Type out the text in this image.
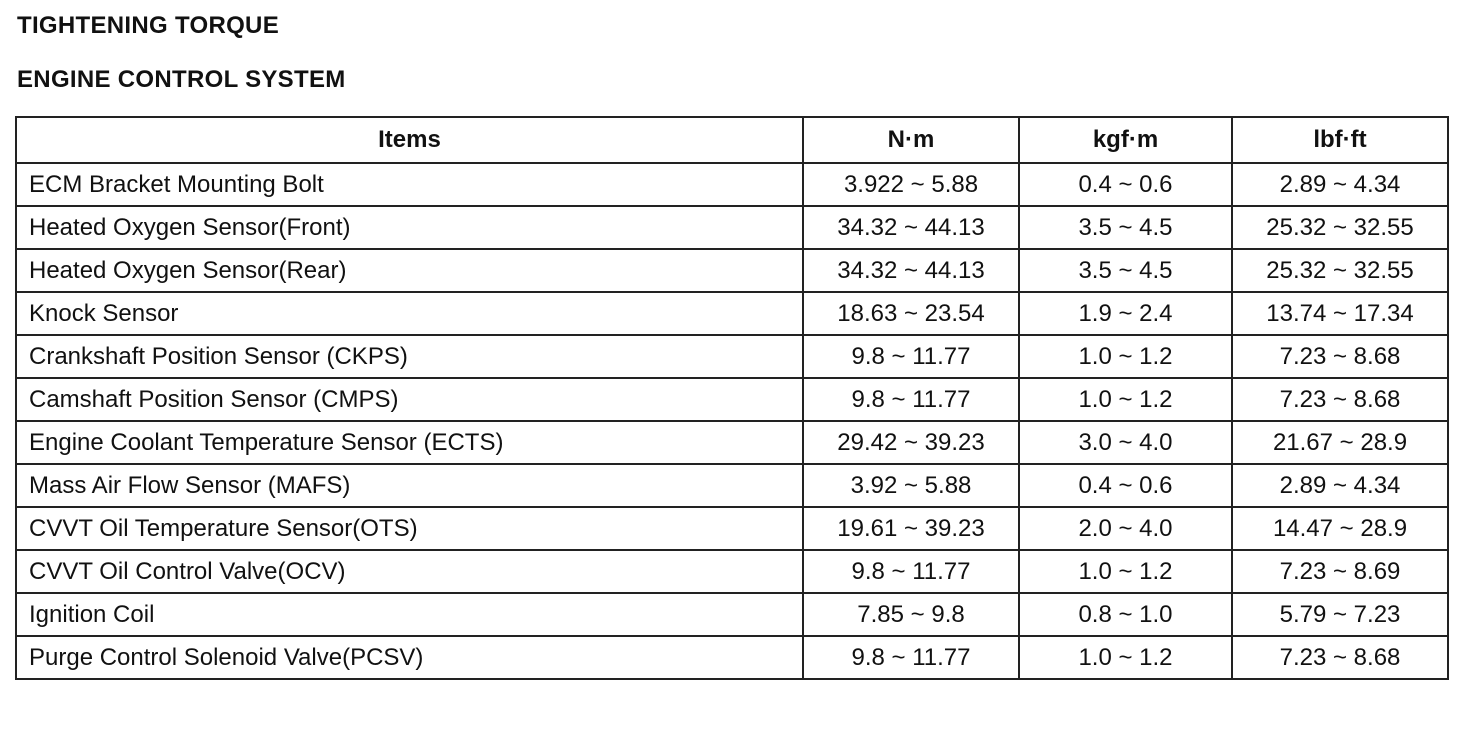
TIGHTENING TORQUE
ENGINE CONTROL SYSTEM
Items	N·m	kgf·m	lbf·ft
ECM Bracket Mounting Bolt	3.922 ~ 5.88	0.4 ~ 0.6	2.89 ~ 4.34
Heated Oxygen Sensor(Front)	34.32 ~ 44.13	3.5 ~ 4.5	25.32 ~ 32.55
Heated Oxygen Sensor(Rear)	34.32 ~ 44.13	3.5 ~ 4.5	25.32 ~ 32.55
Knock Sensor	18.63 ~ 23.54	1.9 ~ 2.4	13.74 ~ 17.34
Crankshaft Position Sensor (CKPS)	9.8 ~ 11.77	1.0 ~ 1.2	7.23 ~ 8.68
Camshaft Position Sensor (CMPS)	9.8 ~ 11.77	1.0 ~ 1.2	7.23 ~ 8.68
Engine Coolant Temperature Sensor (ECTS)	29.42 ~ 39.23	3.0 ~ 4.0	21.67 ~ 28.9
Mass Air Flow Sensor (MAFS)	3.92 ~ 5.88	0.4 ~ 0.6	2.89 ~ 4.34
CVVT Oil Temperature Sensor(OTS)	19.61 ~ 39.23	2.0 ~ 4.0	14.47 ~ 28.9
CVVT Oil Control Valve(OCV)	9.8 ~ 11.77	1.0 ~ 1.2	7.23 ~ 8.69
Ignition Coil	7.85 ~ 9.8	0.8 ~ 1.0	5.79 ~ 7.23
Purge Control Solenoid Valve(PCSV)	9.8 ~ 11.77	1.0 ~ 1.2	7.23 ~ 8.68
